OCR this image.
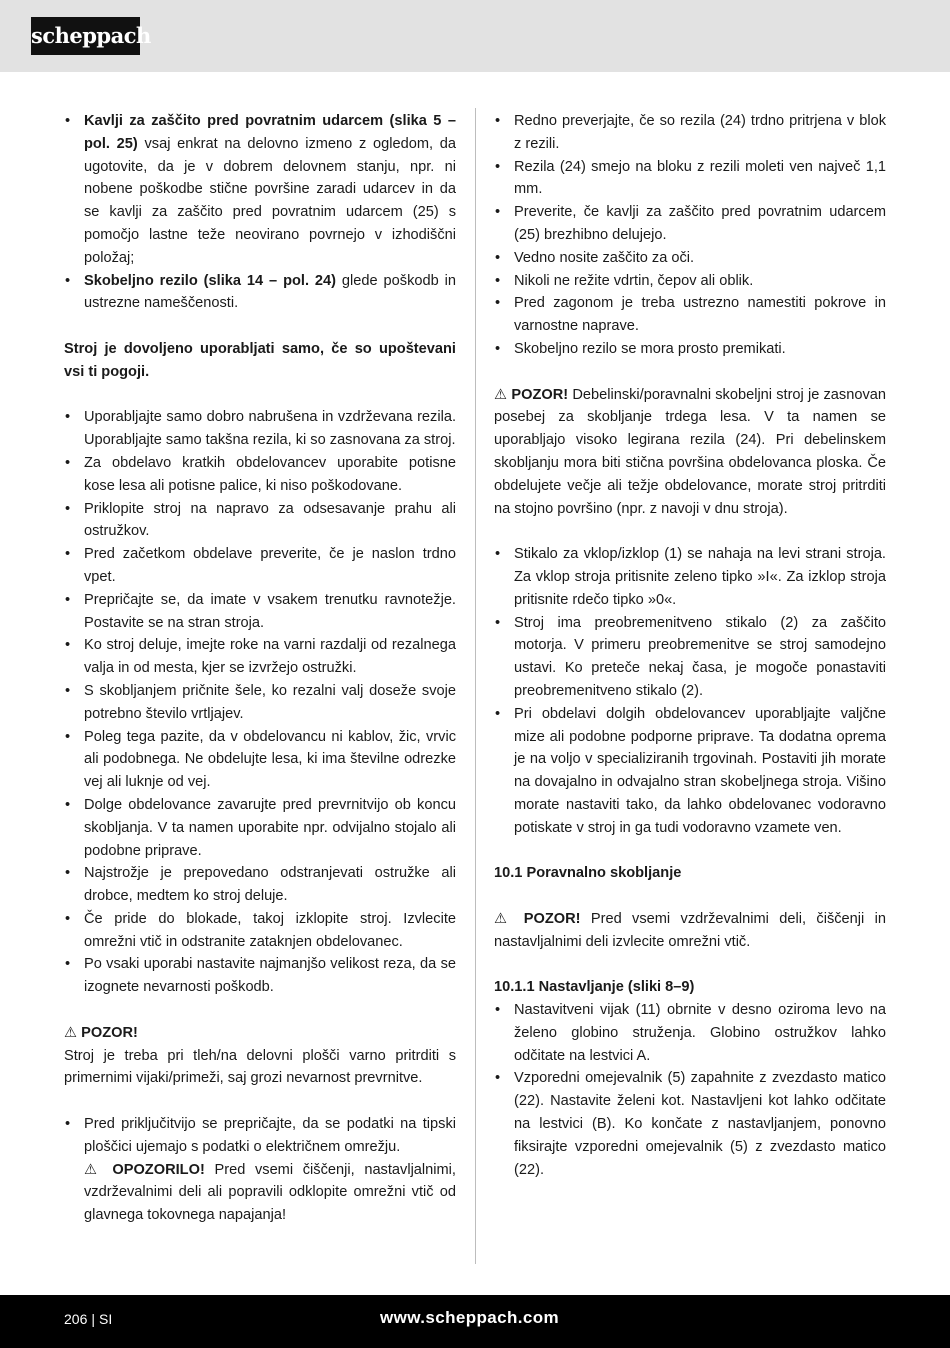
scheppach
• Kavlji za zaščito pred povratnim udarcem (slika 5 – pol. 25) vsaj enkrat na delovno izmeno z ogledom, da ugotovite, da je v dobrem delovnem stanju, npr. ni nobene poškodbe stične površine zaradi udarcev in da se kavlji za zaščito pred povratnim udarcem (25) s pomočjo lastne teže neovirano povrnejo v izhodiščni položaj;
• Skobeljno rezilo (slika 14 – pol. 24) glede poškodb in ustrezne nameščenosti.

Stroj je dovoljeno uporabljati samo, če so upoštevani vsi ti pogoji.

• Uporabljajte samo dobro nabrušena in vzdrževana rezila. Uporabljajte samo takšna rezila, ki so zasnovana za stroj.
• Za obdelavo kratkih obdelovancev uporabite potisne kose lesa ali potisne palice, ki niso poškodovane.
• Priklopite stroj na napravo za odsesavanje prahu ali ostružkov.
• Pred začetkom obdelave preverite, če je naslon trdno vpet.
• Prepričajte se, da imate v vsakem trenutku ravnotežje. Postavite se na stran stroja.
• Ko stroj deluje, imejte roke na varni razdalji od rezalnega valja in od mesta, kjer se izvržejo ostružki.
• S skobljanjem pričnite šele, ko rezalni valj doseže svoje potrebno število vrtljajev.
• Poleg tega pazite, da v obdelovancu ni kablov, žic, vrvic ali podobnega. Ne obdelujte lesa, ki ima številne odrezke vej ali luknje od vej.
• Dolge obdelovance zavarujte pred prevrnitvijo ob koncu skobljanja. V ta namen uporabite npr. odvijalno stojalo ali podobne priprave.
• Najstrožje je prepovedano odstranjevati ostružke ali drobce, medtem ko stroj deluje.
• Če pride do blokade, takoj izklopite stroj. Izvlecite omrežni vtič in odstranite zataknjen obdelovanec.
• Po vsaki uporabi nastavite najmanjšo velikost reza, da se izognete nevarnosti poškodb.

⚠ POZOR!

Stroj je treba pri tleh/na delovni plošči varno pritrditi s primernimi vijaki/primeži, saj grozi nevarnost prevrnitve.

• Pred priključitvijo se prepričajte, da se podatki na tipski ploščici ujemajo s podatki o električnem omrežju.
⚠ OPOZORILO! Pred vsemi čiščenji, nastavljalnimi, vzdrževalnimi deli ali popravili odklopite omrežni vtič od glavnega tokovnega napajanja!
• Redno preverjajte, če so rezila (24) trdno pritrjena v blok z rezili.
• Rezila (24) smejo na bloku z rezili moleti ven največ 1,1 mm.
• Preverite, če kavlji za zaščito pred povratnim udarcem (25) brezhibno delujejo.
• Vedno nosite zaščito za oči.
• Nikoli ne režite vdrtin, čepov ali oblik.
• Pred zagonom je treba ustrezno namestiti pokrove in varnostne naprave.
• Skobeljno rezilo se mora prosto premikati.

⚠ POZOR! Debelinski/poravnalni skobeljni stroj je zasnovan posebej za skobljanje trdega lesa. V ta namen se uporabljajo visoko legirana rezila (24). Pri debelinskem skobljanju mora biti stična površina obdelovanca ploska. Če obdelujete večje ali težje obdelovance, morate stroj pritrditi na stojno površino (npr. z navoji v dnu stroja).

• Stikalo za vklop/izklop (1) se nahaja na levi strani stroja. Za vklop stroja pritisnite zeleno tipko »I«. Za izklop stroja pritisnite rdečo tipko »0«.
• Stroj ima preobremenitveno stikalo (2) za zaščito motorja. V primeru preobremenitve se stroj samodejno ustavi. Ko preteče nekaj časa, je mogoče ponastaviti preobremenitveno stikalo (2).
• Pri obdelavi dolgih obdelovancev uporabljajte valjčne mize ali podobne podporne priprave. Ta dodatna oprema je na voljo v specializiranih trgovinah. Postaviti jih morate na dovajalno in odvajalno stran skobeljnega stroja. Višino morate nastaviti tako, da lahko obdelovanec vodoravno potiskate v stroj in ga tudi vodoravno vzamete ven.

10.1 Poravnalno skobljanje

⚠ POZOR! Pred vsemi vzdrževalnimi deli, čiščenji in nastavljalnimi deli izvlecite omrežni vtič.

10.1.1 Nastavljanje (sliki 8–9)

• Nastavitveni vijak (11) obrnite v desno oziroma levo na želeno globino struženja. Globino ostružkov lahko odčitate na lestvici A.
• Vzporedni omejevalnik (5) zapahnite z zvezdasto matico (22). Nastavite želeni kot. Nastavljeni kot lahko odčitate na lestvici (B). Ko končate z nastavljanjem, ponovno fiksirajte vzporedni omejevalnik (5) z zvezdasto matico (22).
206 | SI	www.scheppach.com
